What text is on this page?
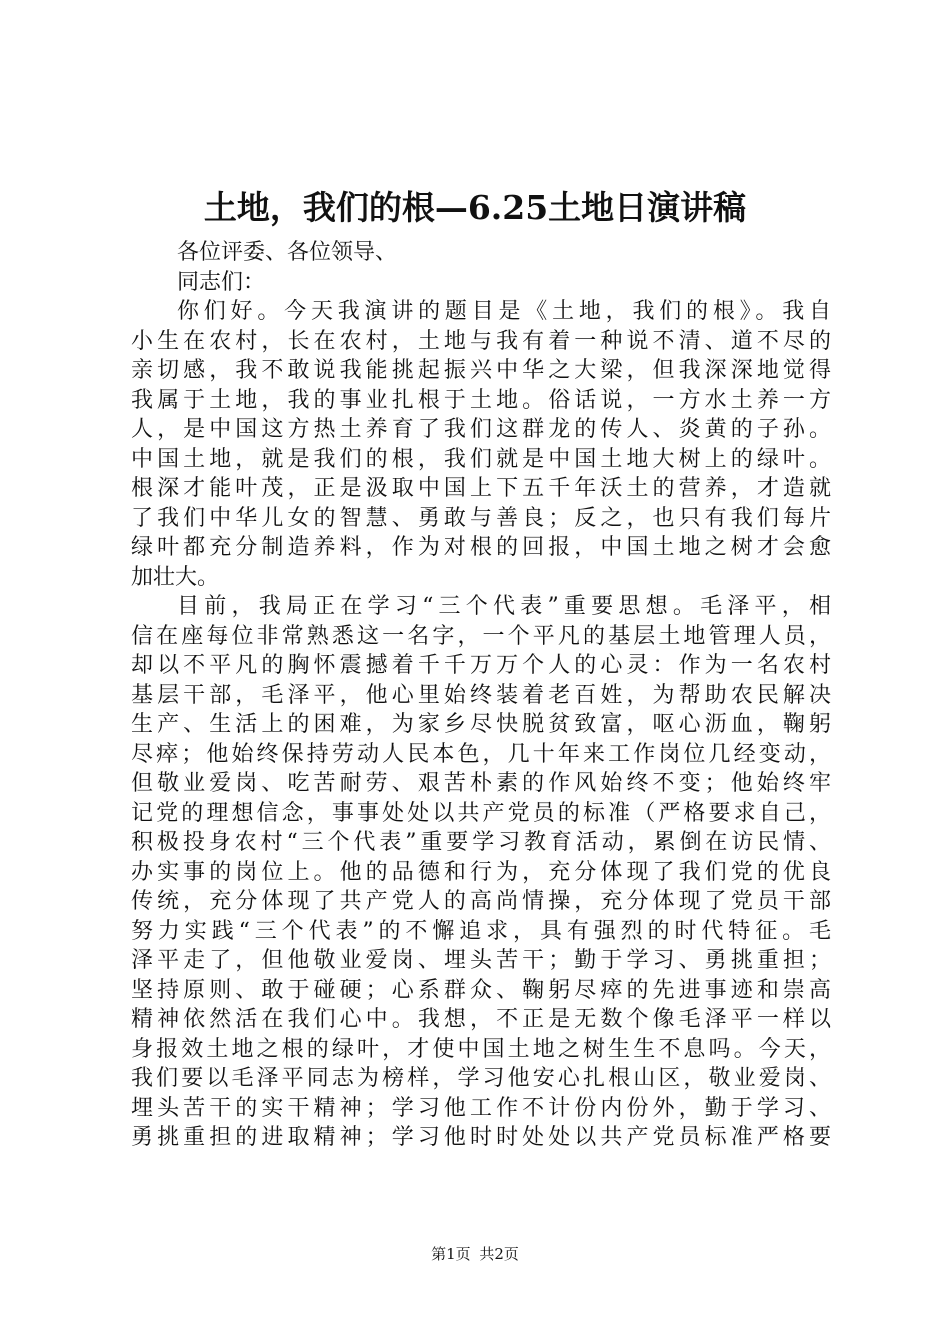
土地，我们的根—6.25土地日演讲稿
各位评委、各位领导、
同志们：
你们好。今天我演讲的题目是《土地，我们的根》。我自
小生在农村，长在农村，土地与我有着一种说不清、道不尽的
亲切感，我不敢说我能挑起振兴中华之大梁，但我深深地觉得
我属于土地，我的事业扎根于土地。俗话说，一方水土养一方
人，是中国这方热土养育了我们这群龙的传人、炎黄的子孙。
中国土地，就是我们的根，我们就是中国土地大树上的绿叶。
根深才能叶茂，正是汲取中国上下五千年沃土的营养，才造就
了我们中华儿女的智慧、勇敢与善良；反之，也只有我们每片
绿叶都充分制造养料，作为对根的回报，中国土地之树才会愈
加壮大。
目前，我局正在学习“三个代表”重要思想。毛泽平，相
信在座每位非常熟悉这一名字，一个平凡的基层土地管理人员，
却以不平凡的胸怀震撼着千千万万个人的心灵：作为一名农村
基层干部，毛泽平，他心里始终装着老百姓，为帮助农民解决
生产、生活上的困难，为家乡尽快脱贫致富，呕心沥血，鞠躬
尽瘁；他始终保持劳动人民本色，几十年来工作岗位几经变动，
但敬业爱岗、吃苦耐劳、艰苦朴素的作风始终不变；他始终牢
记党的理想信念，事事处处以共产党员的标准（严格要求自己，
积极投身农村“三个代表”重要学习教育活动，累倒在访民情、
办实事的岗位上。他的品德和行为，充分体现了我们党的优良
传统，充分体现了共产党人的高尚情操，充分体现了党员干部
努力实践“三个代表”的不懈追求，具有强烈的时代特征。毛
泽平走了，但他敬业爱岗、埋头苦干；勤于学习、勇挑重担；
坚持原则、敢于碰硬；心系群众、鞠躬尽瘁的先进事迹和崇高
精神依然活在我们心中。我想，不正是无数个像毛泽平一样以
身报效土地之根的绿叶，才使中国土地之树生生不息吗。今天，
我们要以毛泽平同志为榜样，学习他安心扎根山区，敬业爱岗、
埋头苦干的实干精神；学习他工作不计份内份外，勤于学习、
勇挑重担的进取精神；学习他时时处处以共产党员标准严格要
第1页 共2页
